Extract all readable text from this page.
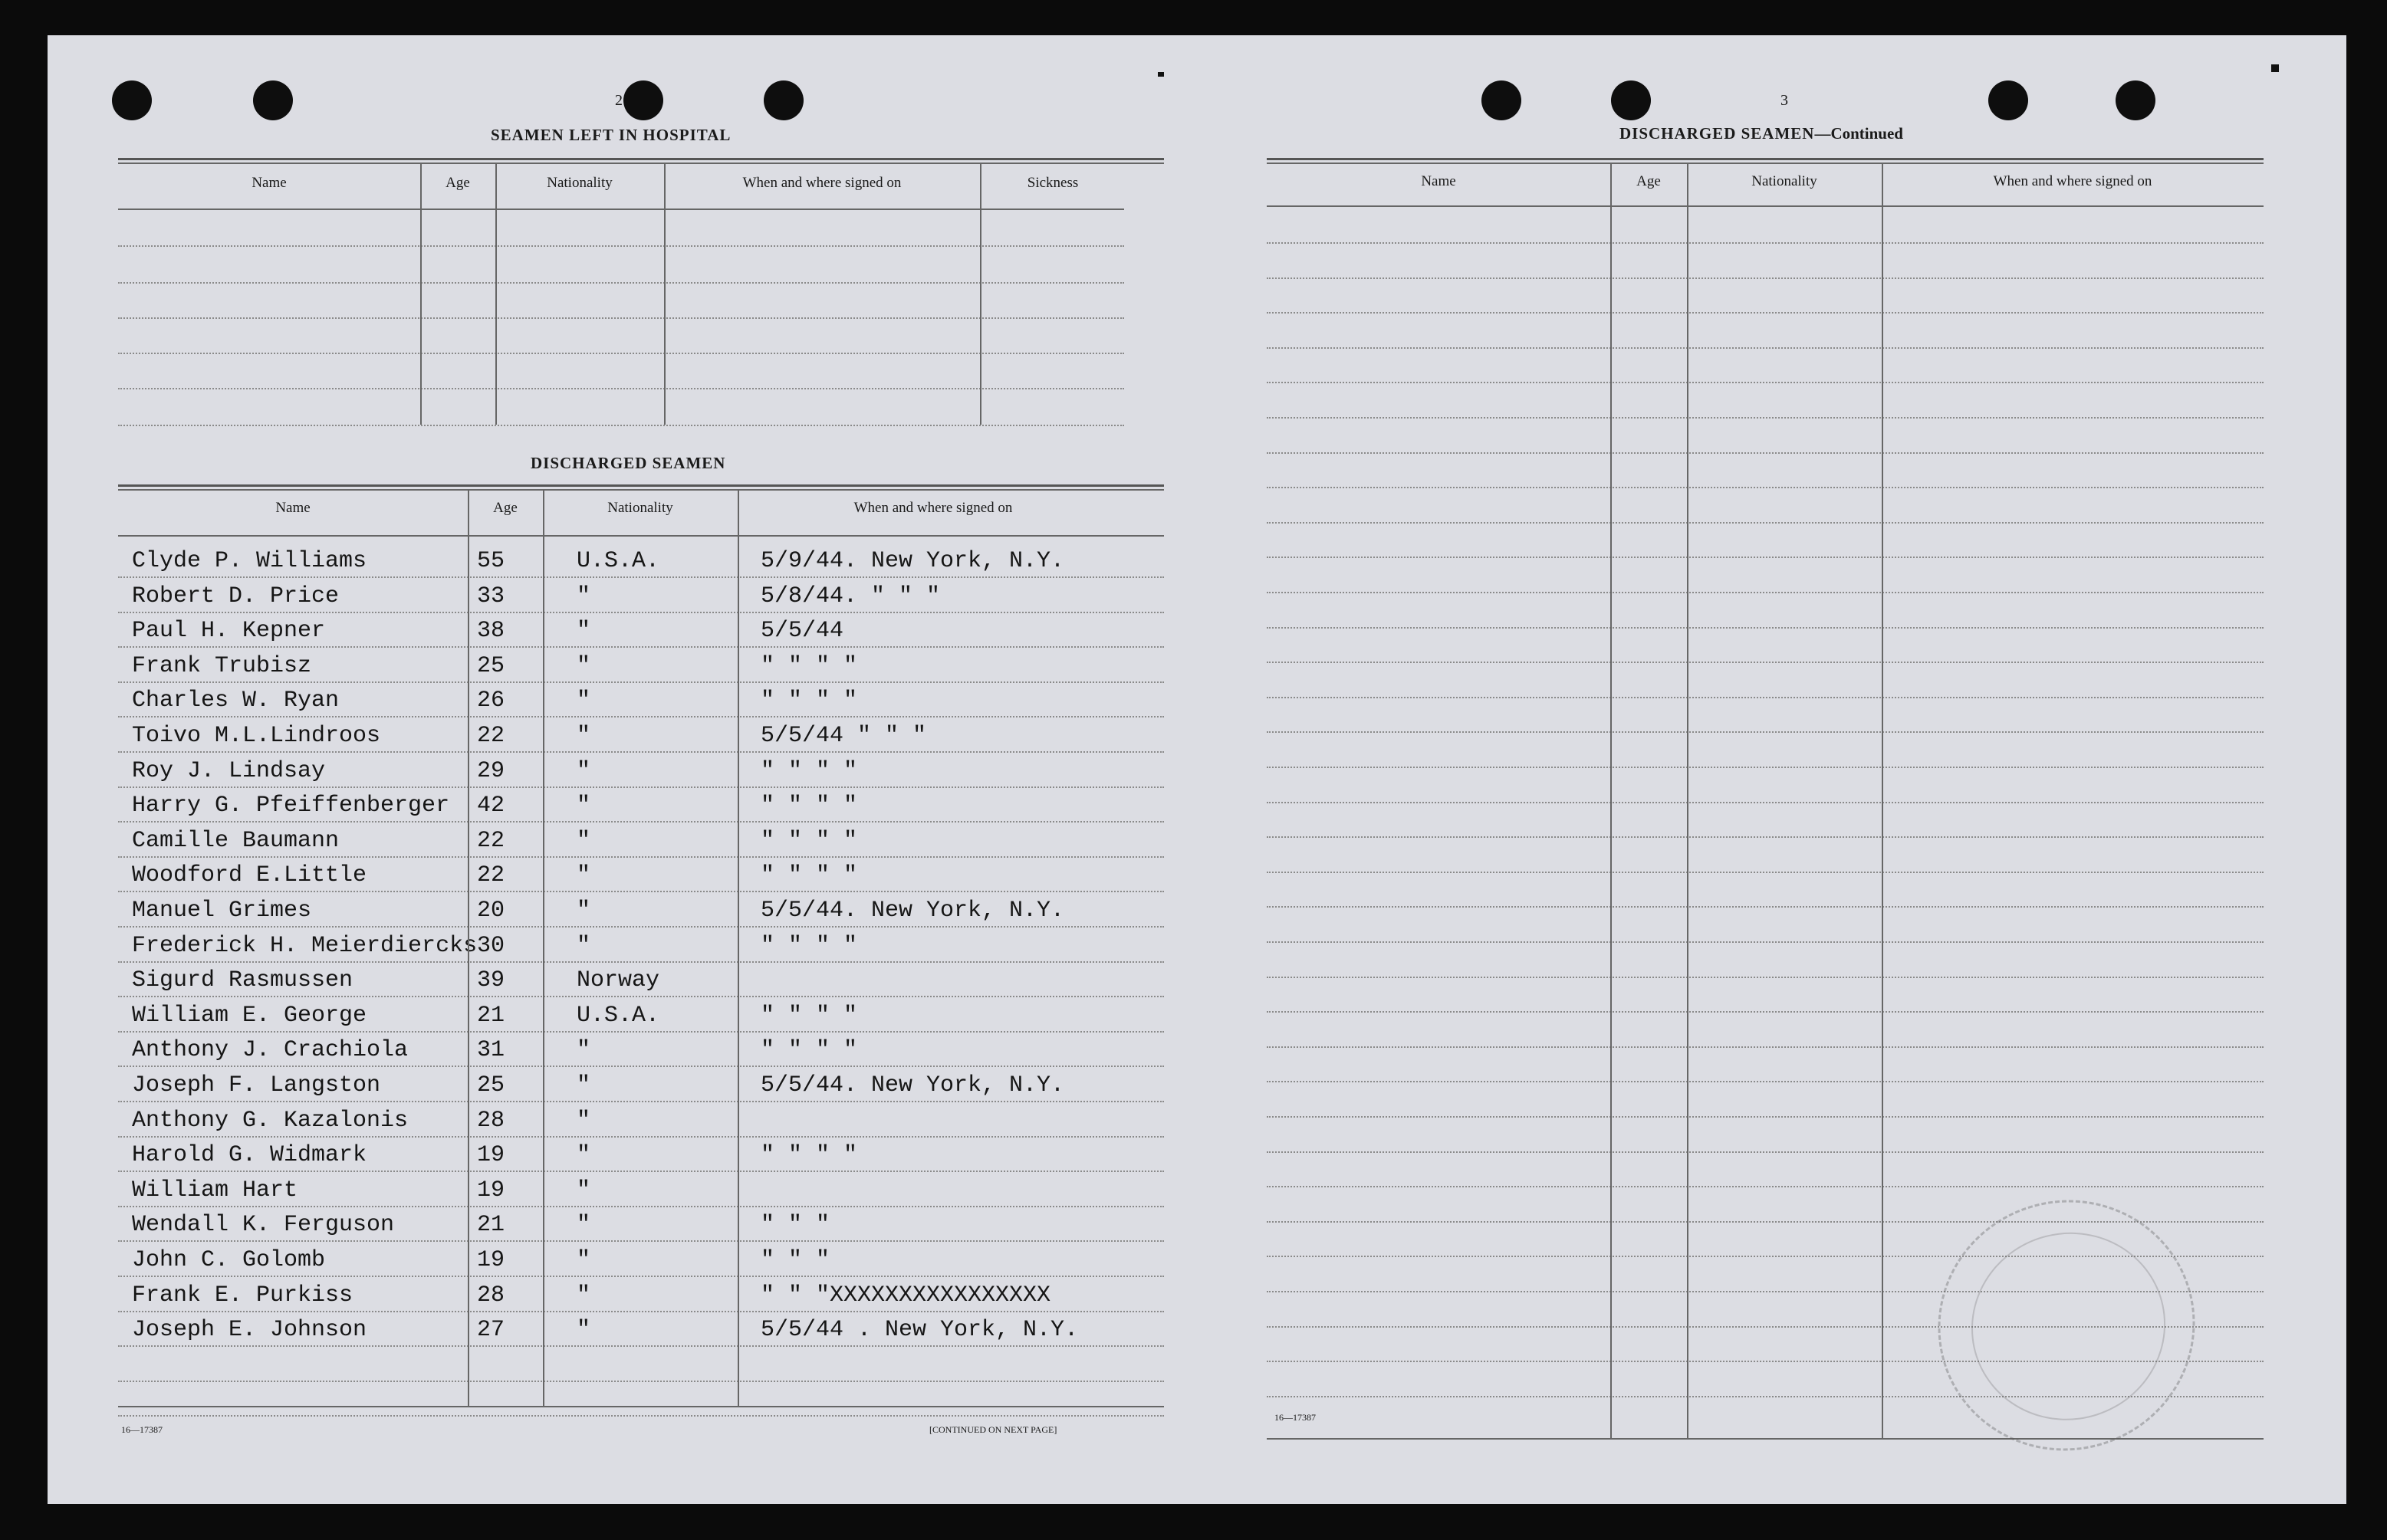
2
SEAMEN LEFT IN HOSPITAL
Name	Age	Nationality	When and where signed on	Sickness
DISCHARGED SEAMEN
Name	Age	Nationality	When and where signed on
Clyde P. Williams	55	U.S.A.	5/9/44. New York, N.Y.
Robert D. Price	33	"	5/8/44. " " "
Paul H. Kepner	38	"	5/5/44
Frank Trubisz	25	"	" " " "
Charles W. Ryan	26	"	" " " "
Toivo M.L.Lindroos	22	"	5/5/44 " " "
Roy J. Lindsay	29	"	" " " "
Harry G. Pfeiffenberger 42	"	" " " "
Camille Baumann	22	"	" " " "
Woodford E.Little	22	"	" " " "
Manuel Grimes	20	"	5/5/44. New York, N.Y.
Frederick H. Meierdiercks 30	"	" " " "
Sigurd Rasmussen	39	Norway
William E. George	21	U.S.A.	" " " "
Anthony J. Crachiola	31	"	" " " "
Joseph F. Langston	25	"	5/5/44. New York, N.Y.
Anthony G. Kazalonis	28	"
Harold G. Widmark	19	"	" " " "
William Hart	19	"
Wendall K. Ferguson	21	"	" " "
John C. Golomb	19	"	" " "
Frank E. Purkiss	28	"	" " "XXXXXXXXXXXXXXXX
Joseph E. Johnson	27	"	5/5/44 . New York, N.Y.
16—17387	[CONTINUED ON NEXT PAGE]
3
DISCHARGED SEAMEN—Continued
Name	Age	Nationality	When and where signed on
16—17387
